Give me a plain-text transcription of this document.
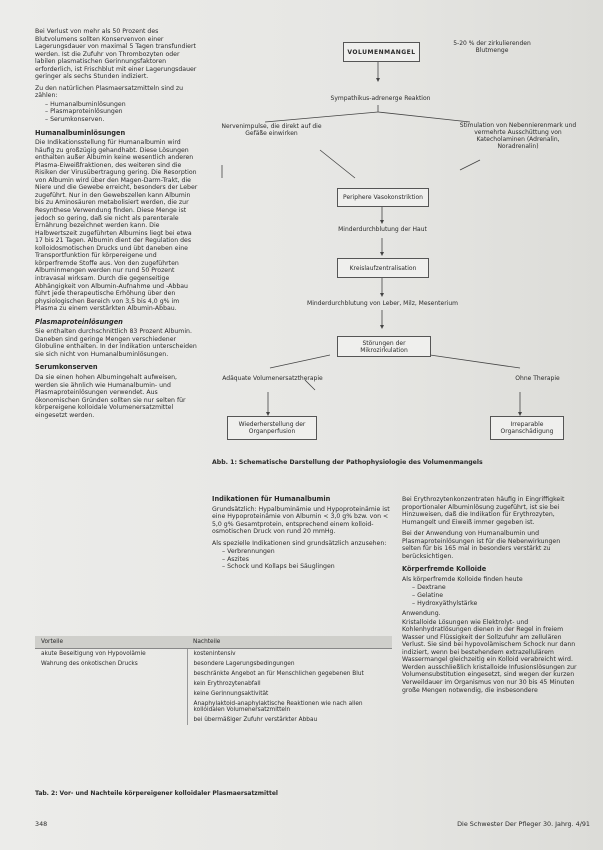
Bei Verlust von mehr als 50 Prozent des Blutvolumens sollten Konservenvon einer Lagerungsdauer von maximal 5 Tagen transfundiert werden. Ist die Zufuhr von Thrombozyten oder labilen plasmatischen Gerinnungsfaktoren erforderlich, ist Frischblut mit einer Lagerungsdauer geringer als sechs Stunden indiziert.

Zu den natürlichen Plasmaersatzmitteln sind zu zählen:

– Humanalbuminlösungen
– Plasmaproteinlösungen
– Serumkonserven.
Humanalbuminlösungen

Die Indikationsstellung für Humanalbumin wird häufig zu großzügig gehandhabt. Diese Lösungen enthalten außer Albumin keine wesentlich anderen Plasma-Eiweißfraktionen, des weiteren sind die Risiken der Virusübertragung gering. Die Resorption von Albumin wird über den Magen-Darm-Trakt, die Niere und die Gewebe erreicht, besonders der Leber zugeführt. Nur in den Gewebszellen kann Albumin bis zu Aminosäuren metabolisiert werden, die zur Resynthese Verwendung finden. Diese Menge ist jedoch so gering, daß sie nicht als parenterale Ernährung bezeichnet werden kann. Die Halbwertszeit zugeführten Albumins liegt bei etwa 17 bis 21 Tagen. Albumin dient der Regulation des kolloidosmotischen Drucks und übt daneben eine Transportfunktion für körpereigene und körperfremde Stoffe aus. Von den zugeführten Albuminmengen werden nur rund 50 Prozent intravasal wirksam. Durch die gegenseitige Abhängigkeit von Albumin-Aufnahme und -Abbau führt jede therapeutische Erhöhung über den physiologischen Bereich von 3,5 bis 4,0 g% im Plasma zu einem verstärkten Albumin-Abbau.

Plasmaproteinlösungen

Sie enthalten durchschnittlich 83 Prozent Albumin. Daneben sind geringe Mengen verschiedener Globuline enthalten. In der Indikation unterscheiden sie sich nicht von Humanalbuminlösungen.

Serumkonserven

Da sie einen hohen Albumingehalt aufweisen, werden sie ähnlich wie Humanalbumin- und Plasmaproteinlösungen verwendet. Aus ökonomischen Gründen sollten sie nur selten für körpereigene kolloidale Volumenersatzmittel eingesetzt werden.

VOLUMENMANGEL
5-20 % der zirkulierenden Blutmenge
Sympathikus-adrenerge Reaktion
Nervenimpulse, die direkt auf die Gefäße einwirken
Stimulation von Nebennierenmark und vermehrte Ausschüttung von Katecholaminen (Adrenalin, Noradrenalin)
Periphere Vasokonstriktion
Minderdurchblutung der Haut
Kreislaufzentralisation
Minderdurchblutung von Leber, Milz, Mesenterium
Störungen der Mikrozirkulation
Adäquate Volumenersatztherapie	Ohne Therapie
Wiederherstellung der Organperfusion
Irreparable Organschädigung
Abb. 1: Schematische Darstellung der Pathophysiologie des Volumenmangels
Indikationen für Humanalbumin

Grundsätzlich: Hypalbuminämie und Hypoproteinämie ist eine Hypoproteinämie von Albumin < 3,0 g% bzw. von < 5,0 g% Gesamtprotein, entsprechend einem kolloid-osmotischen Druck von rund 20 mmHg.

Als spezielle Indikationen sind grundsätzlich anzusehen:

– Verbrennungen
– Aszites
– Schock und Kollaps bei Säuglingen

Bei Erythrozytenkonzentraten häufig in Eingriffigkeit proportionaler Albuminlösung zugeführt, ist sie bei Hinzuweisen, daß die Indikation für Erythrozyten, Humangelt und Eiweiß immer gegeben ist.

Bei der Anwendung von Humanalbumin und Plasmaproteinlösungen ist für die Nebenwirkungen selten für bis 165 mal in besonders verstärkt zu berücksichtigen.

Körperfremde Kolloide

Als körperfremde Kolloide finden heute

– Dextrane
– Gelatine
– Hydroxyäthylstärke

Anwendung.

Kristalloide Lösungen wie Elektrolyt- und Kohlenhydratlösungen dienen in der Regel in freiem Wasser und Flüssigkeit der Sollzufuhr am zellulären Verlust. Sie sind bei hypovolämischem Schock nur dann indiziert, wenn bei bestehendem extrazellulärem Wassermangel gleichzeitig ein Kolloid verabreicht wird. Werden ausschließlich kristalloide Infusionslösungen zur Volumensubstitution eingesetzt, sind wegen der kurzen Verweildauer im Organismus von nur 30 bis 45 Minuten große Mengen notwendig, die insbesondere

Vorteile	Nachteile
akute Beseitigung von Hypovolämie	kostenintensiv
Wahrung des onkotischen Drucks	besondere Lagerungsbedingungen
	beschränkte Angebot an für Menschlichen gegebenen Blut
	kein Erythrozytenabfall
	keine Gerinnungsaktivität
	Anaphylaktoid-anaphylaktische Reaktionen wie nach allen kolloidalen Volumenersatzmitteln
	bei übermäßiger Zufuhr verstärkter Abbau
Tab. 2: Vor- und Nachteile körpereigener kolloidaler Plasmaersatzmittel
348	Die Schwester Der Pfleger 30. Jahrg. 4/91
